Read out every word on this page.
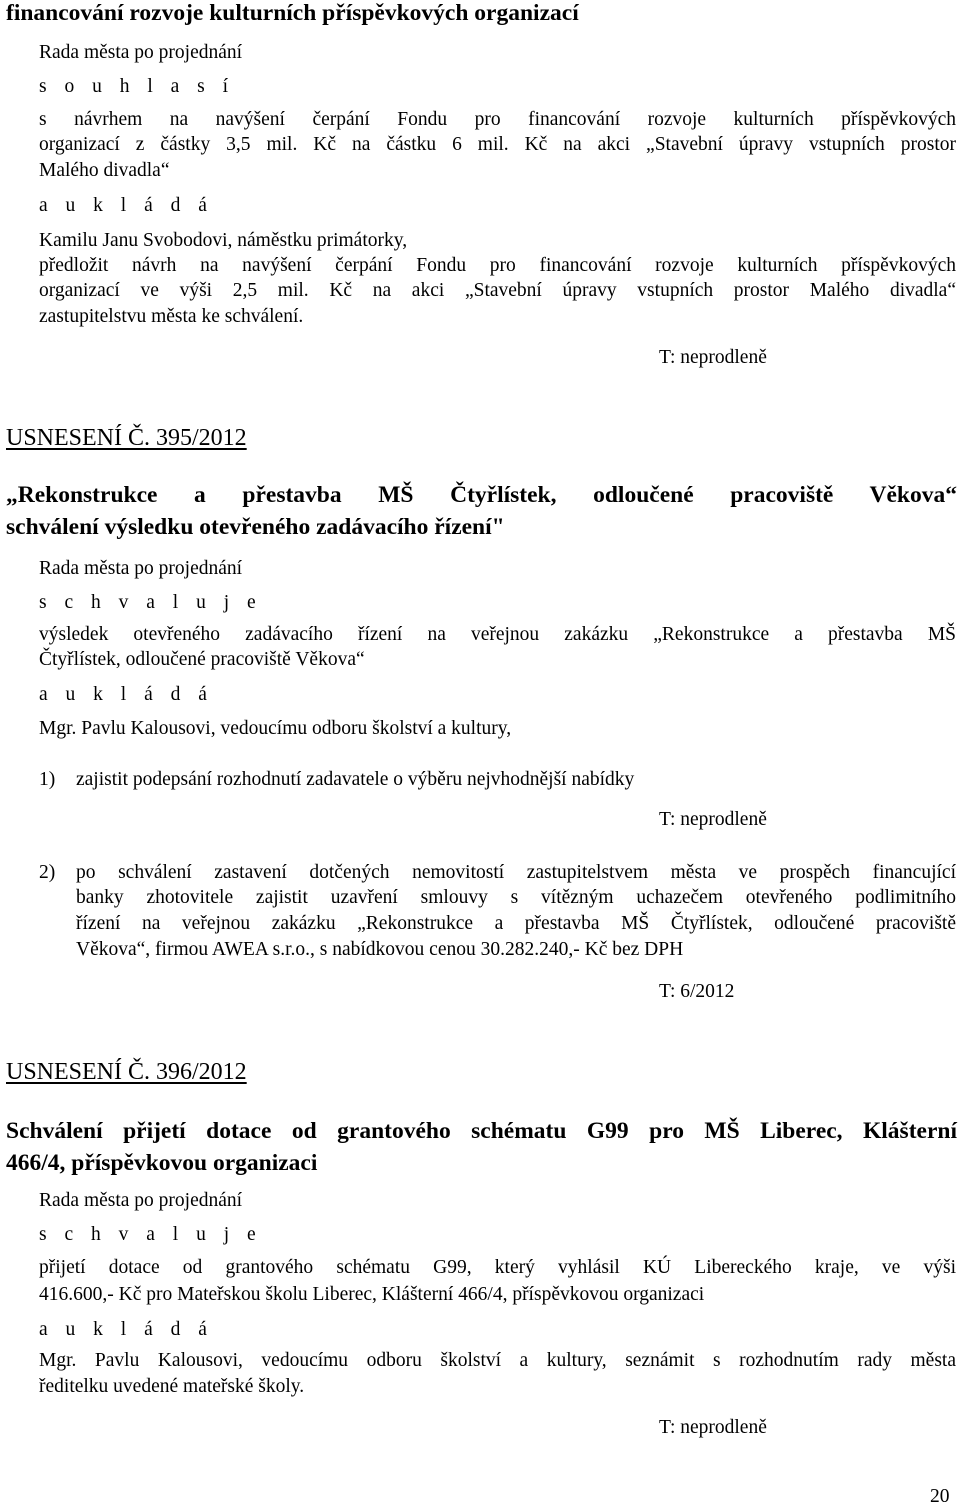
financování rozvoje kulturních příspěvkových organizací
Rada města po projednání
s o u h l a s í
s návrhem na navýšení čerpání Fondu pro financování rozvoje kulturních příspěvkových
organizací z částky 3,5 mil. Kč na částku 6 mil. Kč na akci „Stavební úpravy vstupních prostor
Malého divadla“
a u k l á d á
Kamilu Janu Svobodovi, náměstku primátorky,
předložit návrh na navýšení čerpání Fondu pro financování rozvoje kulturních příspěvkových
organizací ve výši 2,5 mil. Kč na akci „Stavební úpravy vstupních prostor Malého divadla“
zastupitelstvu města ke schválení.
T: neprodleně
USNESENÍ Č. 395/2012
„Rekonstrukce a přestavba MŠ Čtyřlístek, odloučené pracoviště Věkova“
schválení výsledku otevřeného zadávacího řízení"
Rada města po projednání
s c h v a l u j e
výsledek otevřeného zadávacího řízení na veřejnou zakázku „Rekonstrukce a přestavba MŠ
Čtyřlístek, odloučené pracoviště Věkova“
a u k l á d á
Mgr. Pavlu Kalousovi, vedoucímu odboru školství a kultury,
1) zajistit podepsání rozhodnutí zadavatele o výběru nejvhodnější nabídky
T: neprodleně
2) po schválení zastavení dotčených nemovitostí zastupitelstvem města ve prospěch financující
banky zhotovitele zajistit uzavření smlouvy s vítězným uchazečem otevřeného podlimitního
řízení na veřejnou zakázku „Rekonstrukce a přestavba MŠ Čtyřlístek, odloučené pracoviště
Věkova“, firmou AWEA s.r.o., s nabídkovou cenou 30.282.240,- Kč bez DPH
T: 6/2012
USNESENÍ Č. 396/2012
Schválení přijetí dotace od grantového schématu G99 pro MŠ Liberec, Klášterní
466/4, příspěvkovou organizaci
Rada města po projednání
s c h v a l u j e
přijetí dotace od grantového schématu G99, který vyhlásil KÚ Libereckého kraje, ve výši
416.600,- Kč pro Mateřskou školu Liberec, Klášterní 466/4, příspěvkovou organizaci
a u k l á d á
Mgr. Pavlu Kalousovi, vedoucímu odboru školství a kultury, seznámit s rozhodnutím rady města
ředitelku uvedené mateřské školy.
T: neprodleně
20
